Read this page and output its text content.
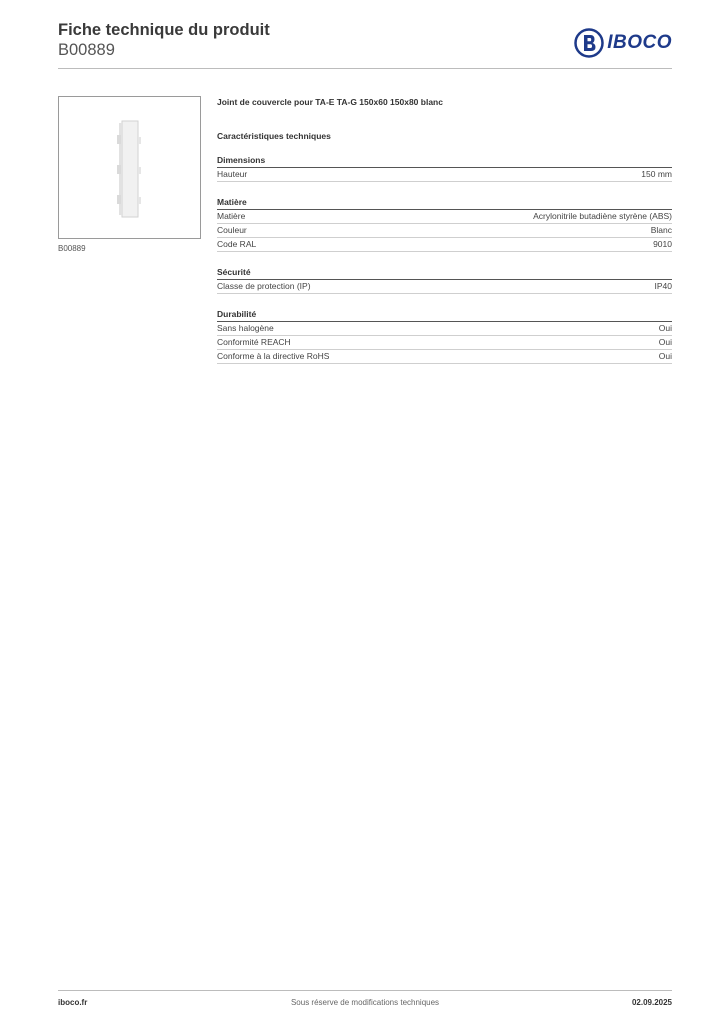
Fiche technique du produit
B00889	IBOCO
B00889
Joint de couvercle pour TA-E TA-G 150x60 150x80 blanc
Caractéristiques techniques
Dimensions
Hauteur	150 mm
Matière
Matière	Acrylonitrile butadiène styrène (ABS)
Couleur	Blanc
Code RAL	9010
Sécurité
Classe de protection (IP)	IP40
Durabilité
Sans halogène	Oui
Conformité REACH	Oui
Conforme à la directive RoHS	Oui
iboco.fr	Sous réserve de modifications techniques	02.09.2025
